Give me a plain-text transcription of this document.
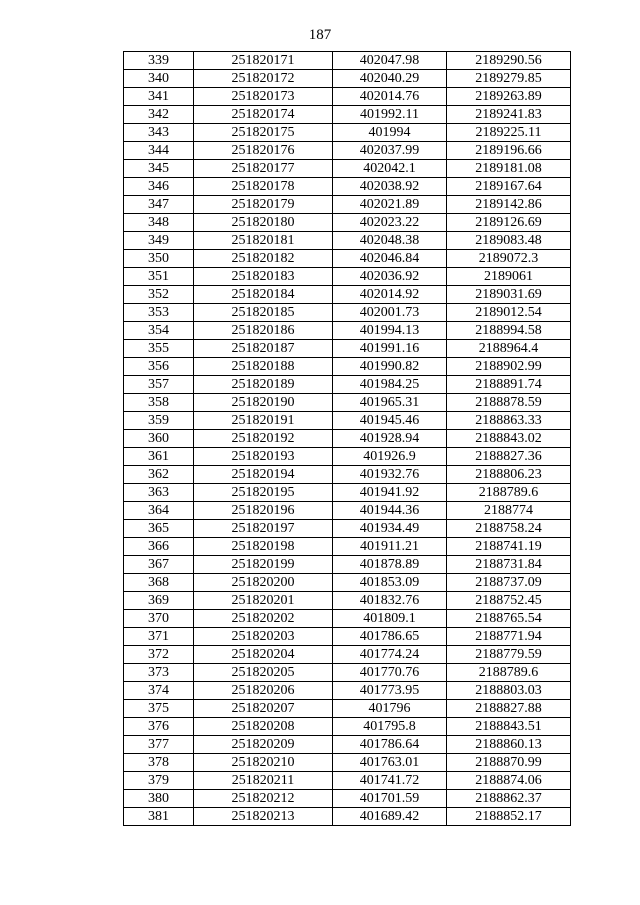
187
339	251820171	402047.98	2189290.56
340	251820172	402040.29	2189279.85
341	251820173	402014.76	2189263.89
342	251820174	401992.11	2189241.83
343	251820175	401994	2189225.11
344	251820176	402037.99	2189196.66
345	251820177	402042.1	2189181.08
346	251820178	402038.92	2189167.64
347	251820179	402021.89	2189142.86
348	251820180	402023.22	2189126.69
349	251820181	402048.38	2189083.48
350	251820182	402046.84	2189072.3
351	251820183	402036.92	2189061
352	251820184	402014.92	2189031.69
353	251820185	402001.73	2189012.54
354	251820186	401994.13	2188994.58
355	251820187	401991.16	2188964.4
356	251820188	401990.82	2188902.99
357	251820189	401984.25	2188891.74
358	251820190	401965.31	2188878.59
359	251820191	401945.46	2188863.33
360	251820192	401928.94	2188843.02
361	251820193	401926.9	2188827.36
362	251820194	401932.76	2188806.23
363	251820195	401941.92	2188789.6
364	251820196	401944.36	2188774
365	251820197	401934.49	2188758.24
366	251820198	401911.21	2188741.19
367	251820199	401878.89	2188731.84
368	251820200	401853.09	2188737.09
369	251820201	401832.76	2188752.45
370	251820202	401809.1	2188765.54
371	251820203	401786.65	2188771.94
372	251820204	401774.24	2188779.59
373	251820205	401770.76	2188789.6
374	251820206	401773.95	2188803.03
375	251820207	401796	2188827.88
376	251820208	401795.8	2188843.51
377	251820209	401786.64	2188860.13
378	251820210	401763.01	2188870.99
379	251820211	401741.72	2188874.06
380	251820212	401701.59	2188862.37
381	251820213	401689.42	2188852.17
